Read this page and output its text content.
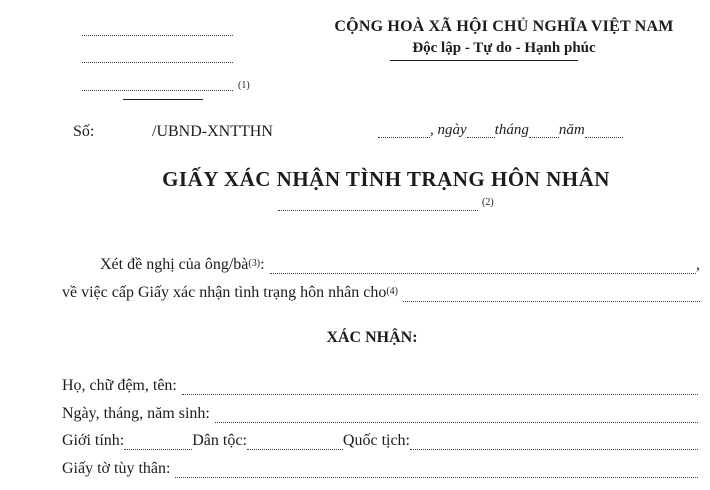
(1)
CỘNG HOÀ XÃ HỘI CHỦ NGHĨA VIỆT NAM
Độc lập - Tự do - Hạnh phúc
Số:	/UBND-XNTTHN	, ngày tháng năm
GIẤY XÁC NHẬN TÌNH TRẠNG HÔN NHÂN
(2)
Xét đề nghị của ông/bà (3) :	,
về việc cấp Giấy xác nhận tình trạng hôn nhân cho (4)
XÁC NHẬN:
Họ, chữ đệm, tên:
Ngày, tháng, năm sinh:
Giới tính:	Dân tộc:	Quốc tịch:
Giấy tờ tùy thân:
